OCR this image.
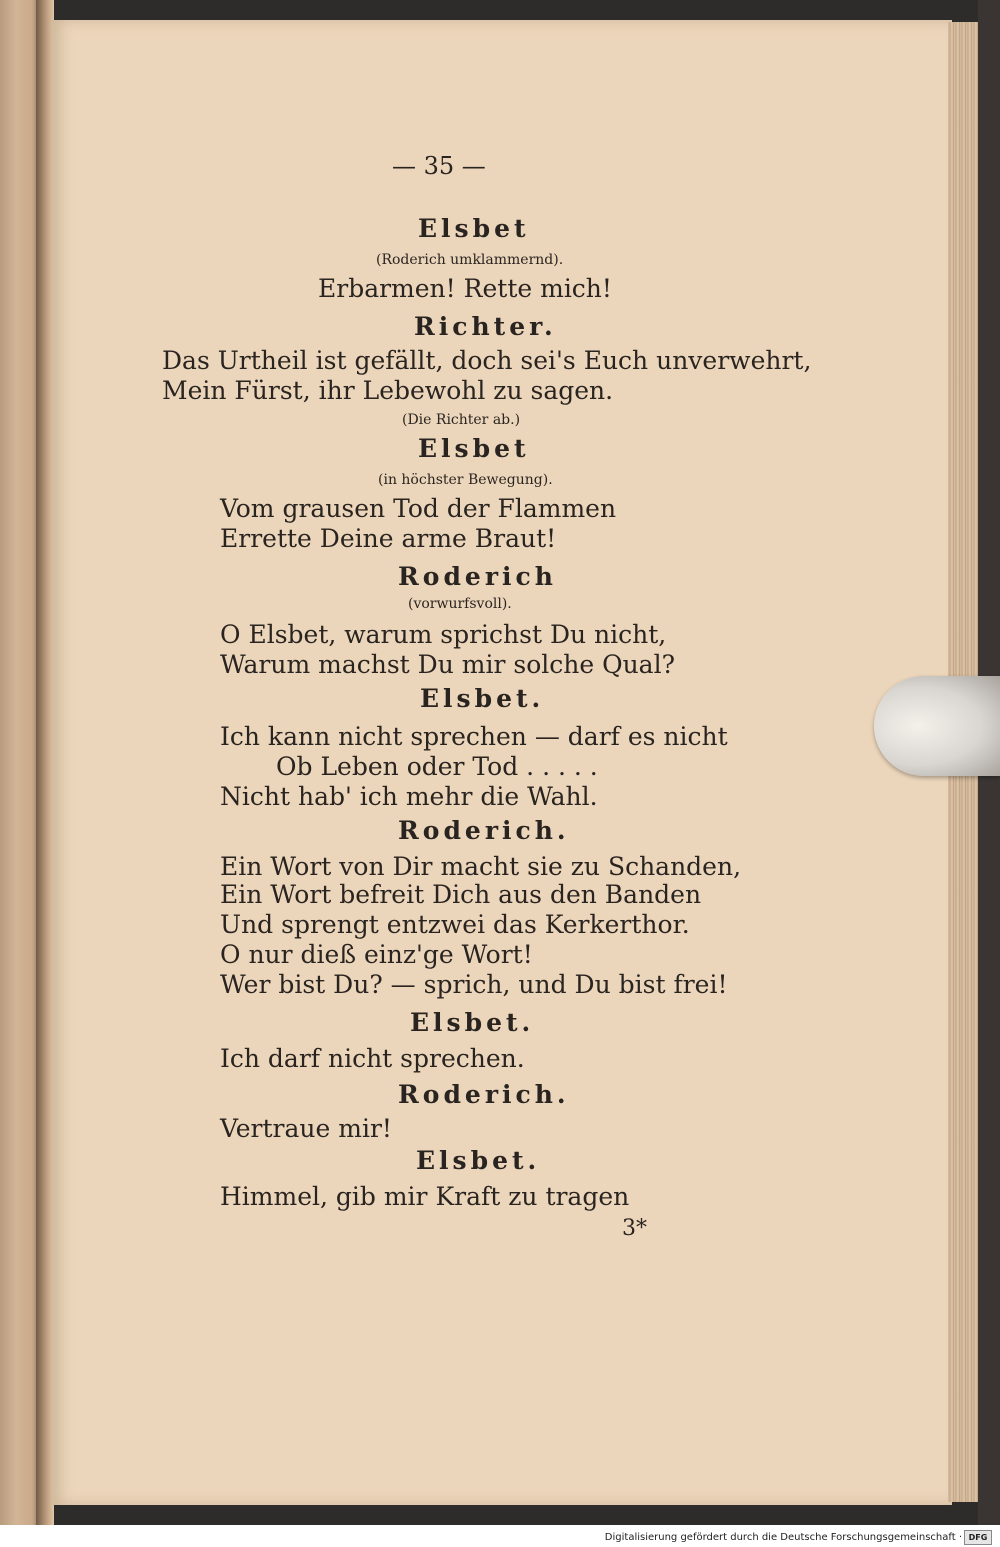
— 35 —
Elsbet
(Roderich umklammernd).
Erbarmen! Rette mich!
Richter.
Das Urtheil ist gefällt, doch sei's Euch unverwehrt,
Mein Fürst, ihr Lebewohl zu sagen.
(Die Richter ab.)
Elsbet
(in höchster Bewegung).
Vom grausen Tod der Flammen
Errette Deine arme Braut!
Roderich
(vorwurfsvoll).
O Elsbet, warum sprichst Du nicht,
Warum machst Du mir solche Qual?
Elsbet.
Ich kann nicht sprechen — darf es nicht
Ob Leben oder Tod . . . . .
Nicht hab' ich mehr die Wahl.
Roderich.
Ein Wort von Dir macht sie zu Schanden,
Ein Wort befreit Dich aus den Banden
Und sprengt entzwei das Kerkerthor.
O nur dieß einz'ge Wort!
Wer bist Du? — sprich, und Du bist frei!
Elsbet.
Ich darf nicht sprechen.
Roderich.
Vertraue mir!
Elsbet.
Himmel, gib mir Kraft zu tragen
3*
Digitalisierung gefördert durch die Deutsche Forschungsgemeinschaft · DFG
